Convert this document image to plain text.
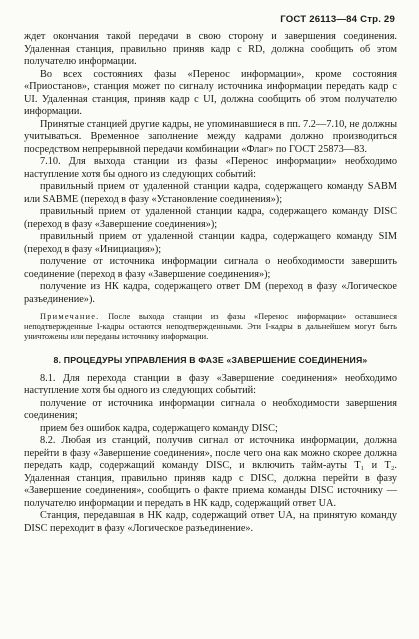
ГОСТ 26113—84 Стр. 29

ждет окончания такой передачи в свою сторону и завершения соединения. Удаленная станция, правильно приняв кадр с RD, должна сообщить об этом получателю информации.

Во всех состояниях фазы «Перенос информации», кроме состояния «Приостанов», станция может по сигналу источника информации передать кадр с UI. Удаленная станция, приняв кадр с UI, должна сообщить об этом получателю информации.

Принятые станцией другие кадры, не упоминавшиеся в пп. 7.2—7.10, не должны учитываться. Временное заполнение между кадрами должно производиться посредством непрерывной передачи комбинации «Флаг» по ГОСТ 25873—83.

7.10. Для выхода станции из фазы «Перенос информации» необходимо наступление хотя бы одного из следующих событий:

правильный прием от удаленной станции кадра, содержащего команду SABM или SABME (переход в фазу «Установление соединения»);

правильный прием от удаленной станции кадра, содержащего команду DISC (переход в фазу «Завершение соединения»);

правильный прием от удаленной станции кадра, содержащего команду SIM (переход в фазу «Инициация»);

получение от источника информации сигнала о необходимости завершить соединение (переход в фазу «Завершение соединения»);

получение из НК кадра, содержащего ответ DM (переход в фазу «Логическое разъединение»).

Примечание. После выхода станции из фазы «Перенос информации» оставшиеся неподтвержденные I-кадры остаются неподтвержденными. Эти I-кадры в дальнейшем могут быть уничтожены или переданы источнику информации.

8. ПРОЦЕДУРЫ УПРАВЛЕНИЯ В ФАЗЕ «ЗАВЕРШЕНИЕ СОЕДИНЕНИЯ»

8.1. Для перехода станции в фазу «Завершение соединения» необходимо наступление хотя бы одного из следующих событий:

получение от источника информации сигнала о необходимости завершения соединения;

прием без ошибок кадра, содержащего команду DISC;

8.2. Любая из станций, получив сигнал от источника информации, должна перейти в фазу «Завершение соединения», после чего она как можно скорее должна передать кадр, содержащий команду DISC, и включить тайм-ауты T₁ и T₂. Удаленная станция, правильно приняв кадр с DISC, должна перейти в фазу «Завершение соединения», сообщить о факте приема команды DISC источнику — получателю информации и передать в НК кадр, содержащий ответ UA.

Станция, передавшая в НК кадр, содержащий ответ UA, на принятую команду DISC переходит в фазу «Логическое разъединение».
